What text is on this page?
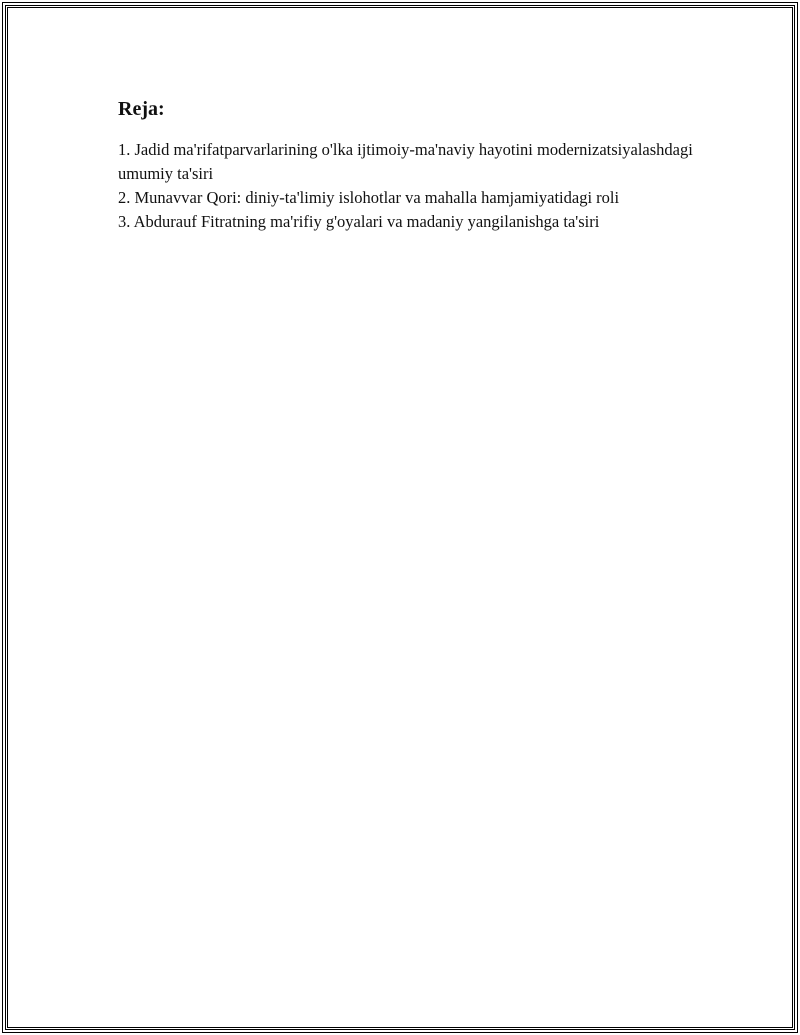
Reja:
1. Jadid ma'rifatparvarlarining o'lka ijtimoiy-ma'naviy hayotini modernizatsiyalashdagi umumiy ta'siri
2. Munavvar Qori: diniy-ta'limiy islohotlar va mahalla hamjamiyatidagi roli
3. Abdurauf Fitratning ma'rifiy g'oyalari va madaniy yangilanishga ta'siri
